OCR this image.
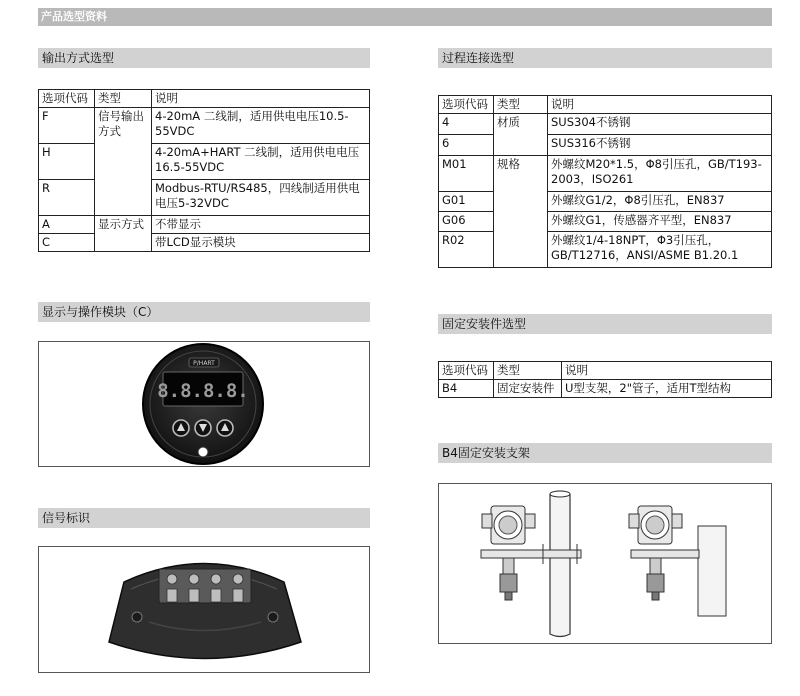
产品选型资料
输出方式选型
选项代码	类型	说明
F	信号输出方式	4-20mA 二线制，适用供电电压10.5-55VDC
H		4-20mA+HART 二线制，适用供电电压16.5-55VDC
R		Modbus-RTU/RS485，四线制适用供电电压5-32VDC
A	显示方式	不带显示
C		带LCD显示模块
显示与操作模块（C）
P/HART
8.8.8.8.
信号标识
过程连接选型
选项代码	类型	说明
4	材质	SUS304不锈钢
6		SUS316不锈钢
M01	规格	外螺纹M20*1.5，Φ8引压孔，GB/T193-2003，ISO261
G01		外螺纹G1/2，Φ8引压孔，EN837
G06		外螺纹G1，传感器齐平型，EN837
R02		外螺纹1/4-18NPT，Φ3引压孔，GB/T12716，ANSI/ASME B1.20.1
固定安装件选型
选项代码	类型	说明
B4	固定安装件	U型支架，2"管子，适用T型结构
B4固定安装支架
